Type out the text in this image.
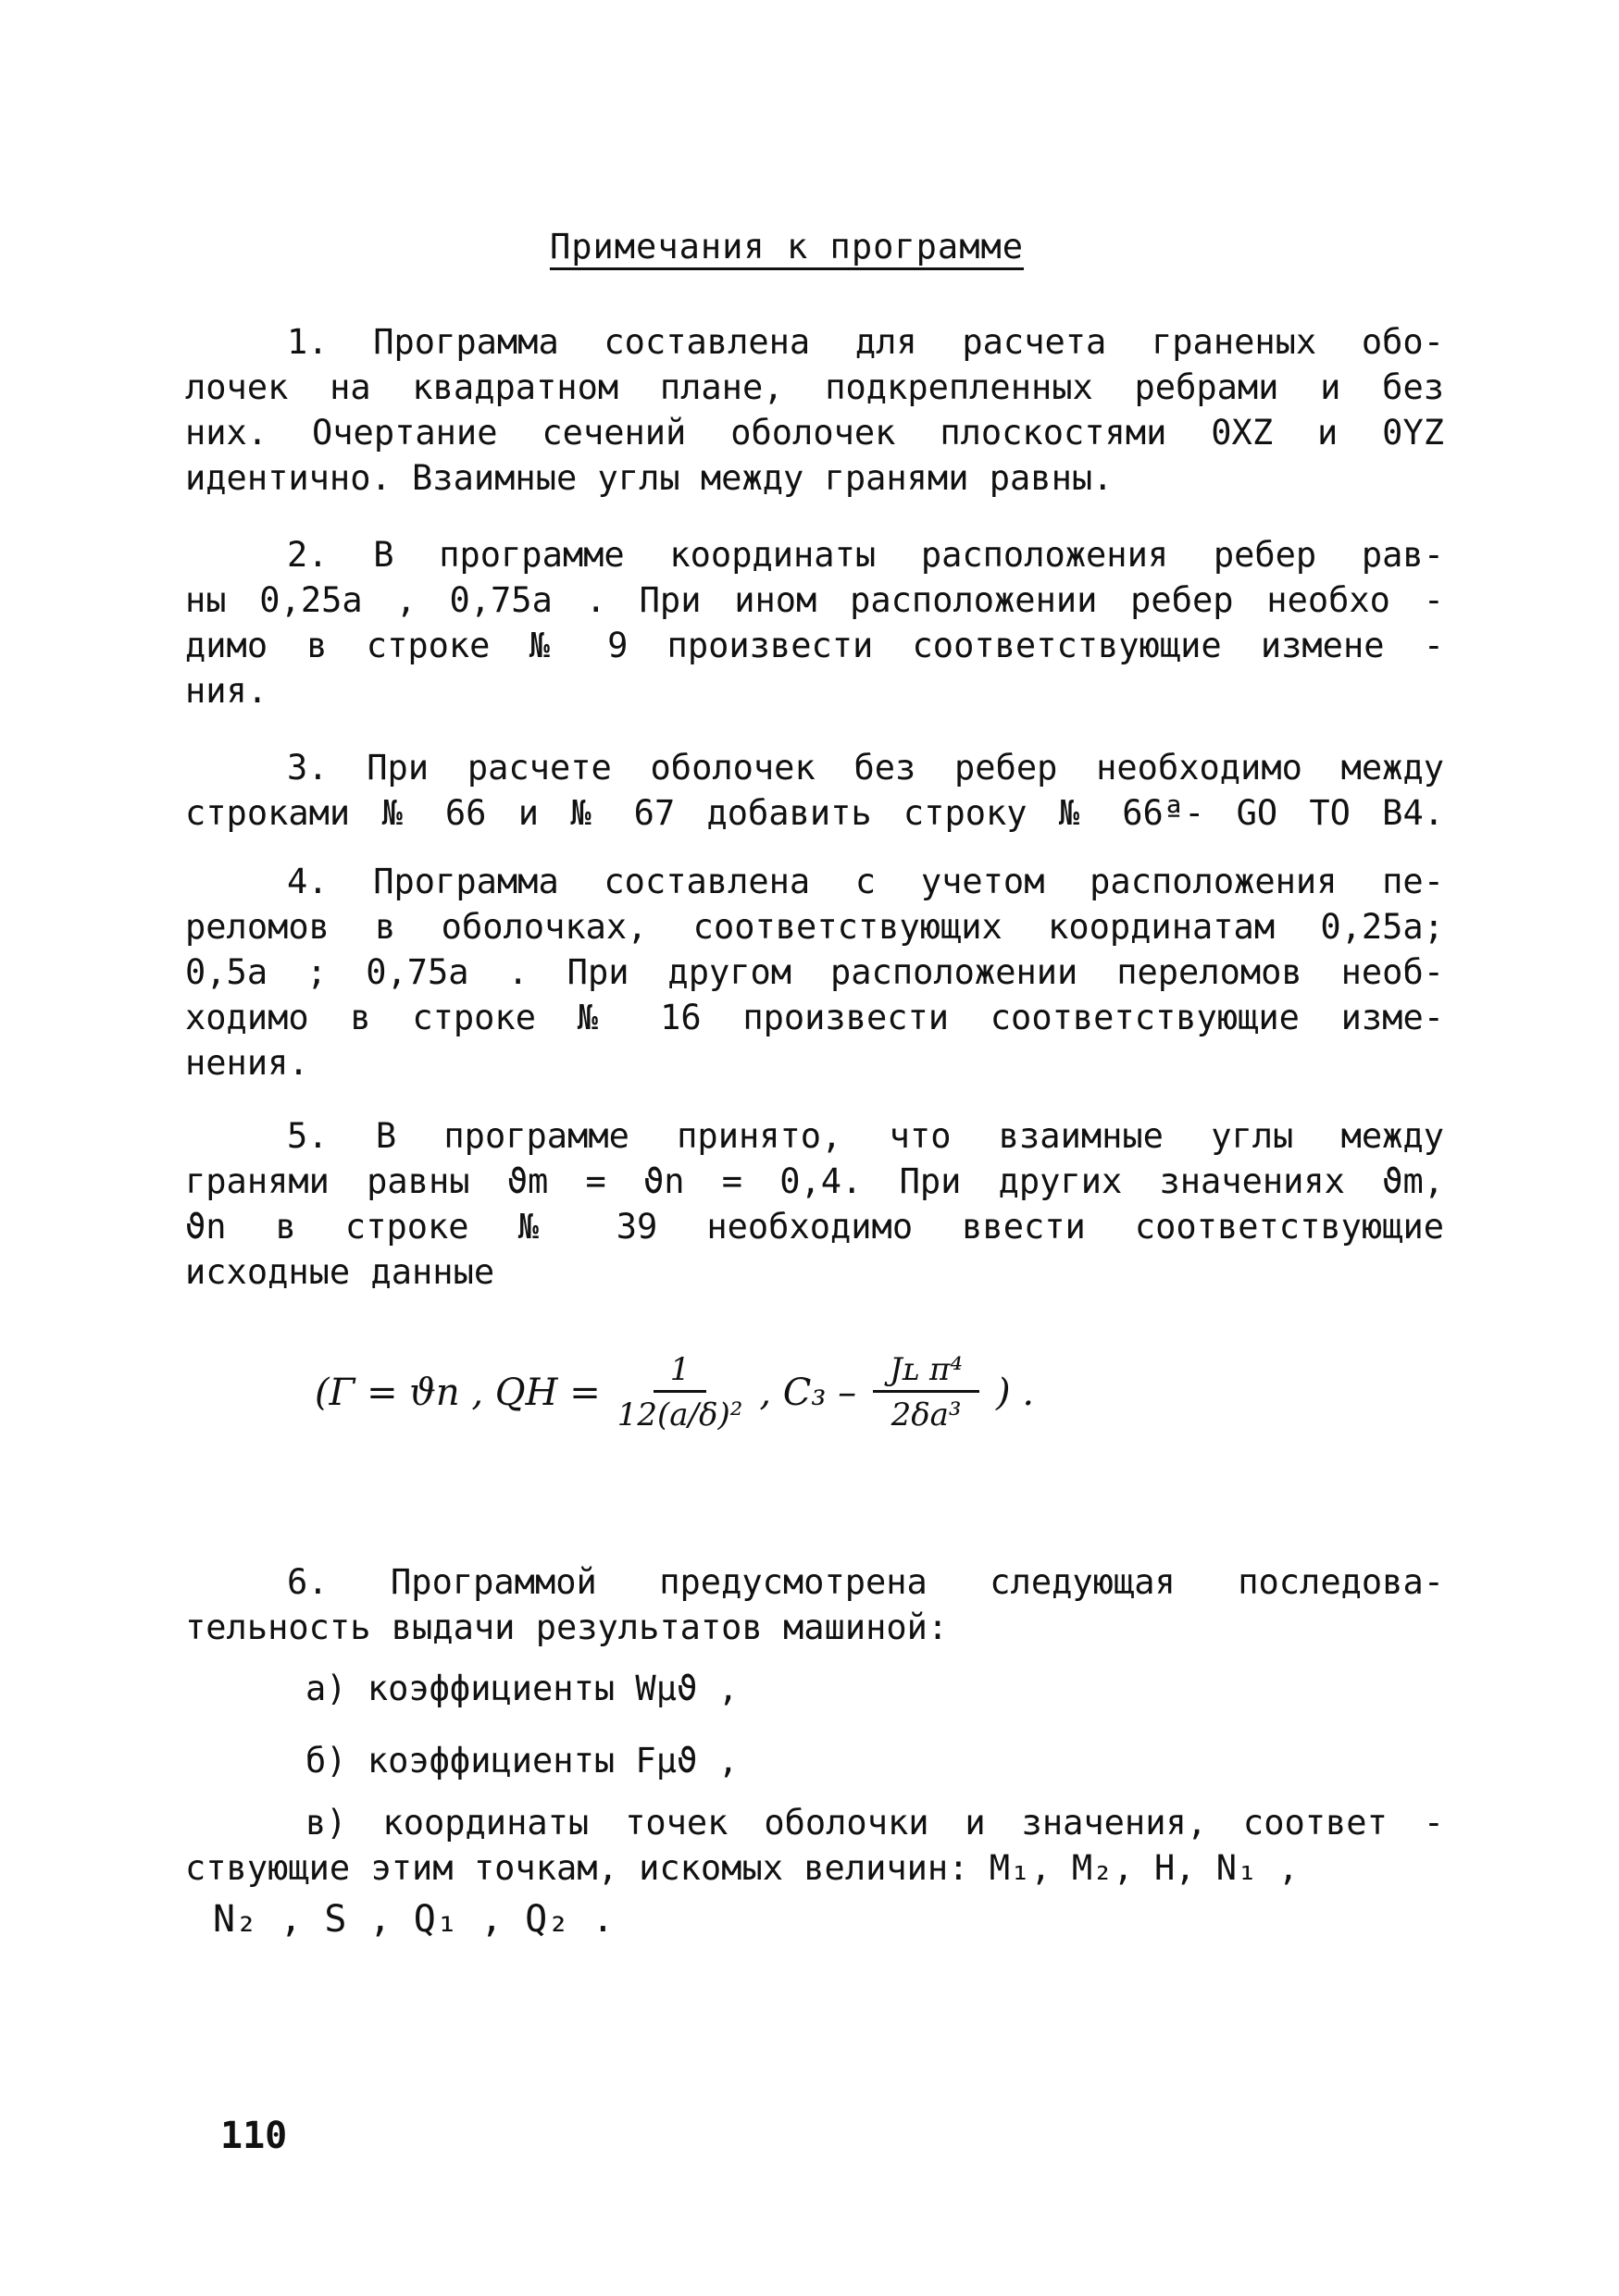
Примечания к программе

1. Программа составлена для расчета граненых обо-
лочек на квадратном плане, подкрепленных ребрами и без
них. Очертание сечений оболочек плоскостями 0XZ и 0YZ
идентично. Взаимные углы между гранями равны.

2. В программе координаты расположения ребер рав-
ны 0,25a , 0,75a . При ином расположении ребер необхо -
димо в строке № 9 произвести соответствующие измене -
ния.

3. При расчете оболочек без ребер необходимо между
строками № 66 и № 67 добавить строку № 66ª- GO TO B4.

4. Программа составлена с учетом расположения пе-
реломов в оболочках, соответствующих координатам 0,25a;
0,5a ; 0,75a . При другом расположении переломов необ-
ходимо в строке № 16 произвести соответствующие изме-
нения.

5. В программе принято, что взаимные углы между
гранями равны ϑm = ϑn = 0,4. При других значениях ϑm,
ϑn в строке № 39 необходимо ввести соответствующие
исходные данные

(Γ = ϑn , QH = $\frac{1}{\text{12(a/δ)²}}$ , $C_3 - \frac{\text{Jʟ π⁴}}{\text{2δa³}}$ ) .

6. Программой предусмотрена следующая последова-
тельность выдачи результатов машиной:

а) коэффициенты Wμϑ ,
б) коэффициенты Fμϑ ,
в) координаты точек оболочки и значения, соответ -
ствующие этим точкам, искомых величин: M₁, M₂, H, N₁ ,
N₂ , S , Q₁ , Q₂ .
110
